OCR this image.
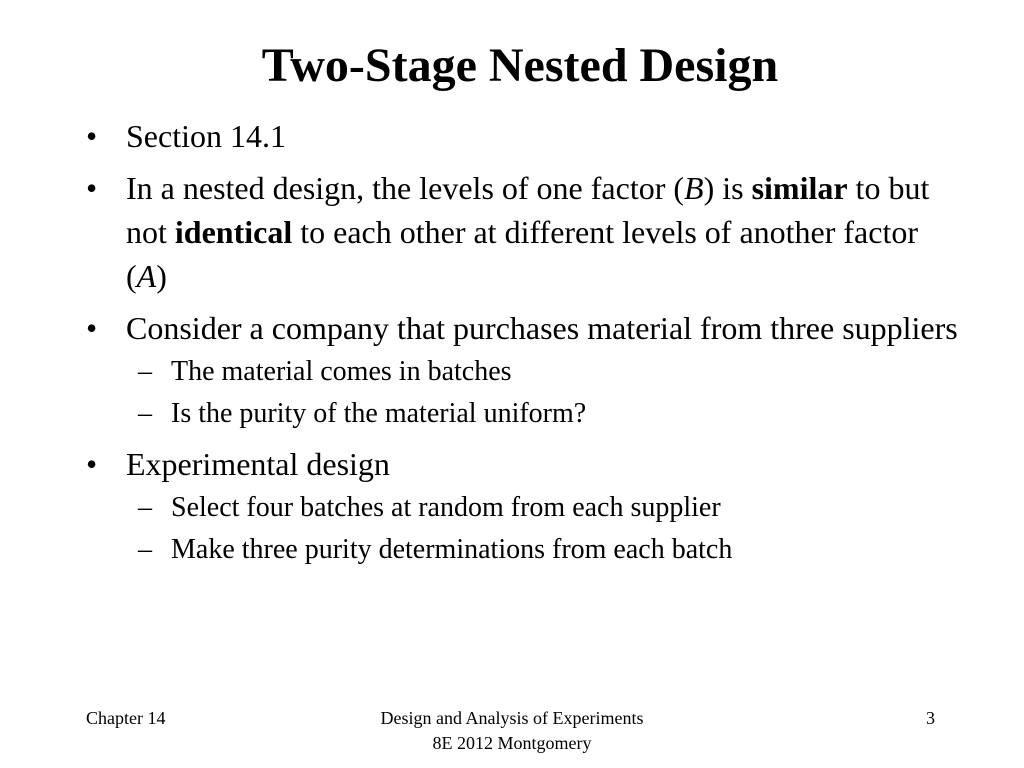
Two-Stage Nested Design
• Section 14.1
• In a nested design, the levels of one factor (B) is similar to but not identical to each other at different levels of another factor (A)
• Consider a company that purchases material from three suppliers
– The material comes in batches
– Is the purity of the material uniform?
• Experimental design
– Select four batches at random from each supplier
– Make three purity determinations from each batch
Chapter 14	Design and Analysis of Experiments
8E 2012 Montgomery
3
